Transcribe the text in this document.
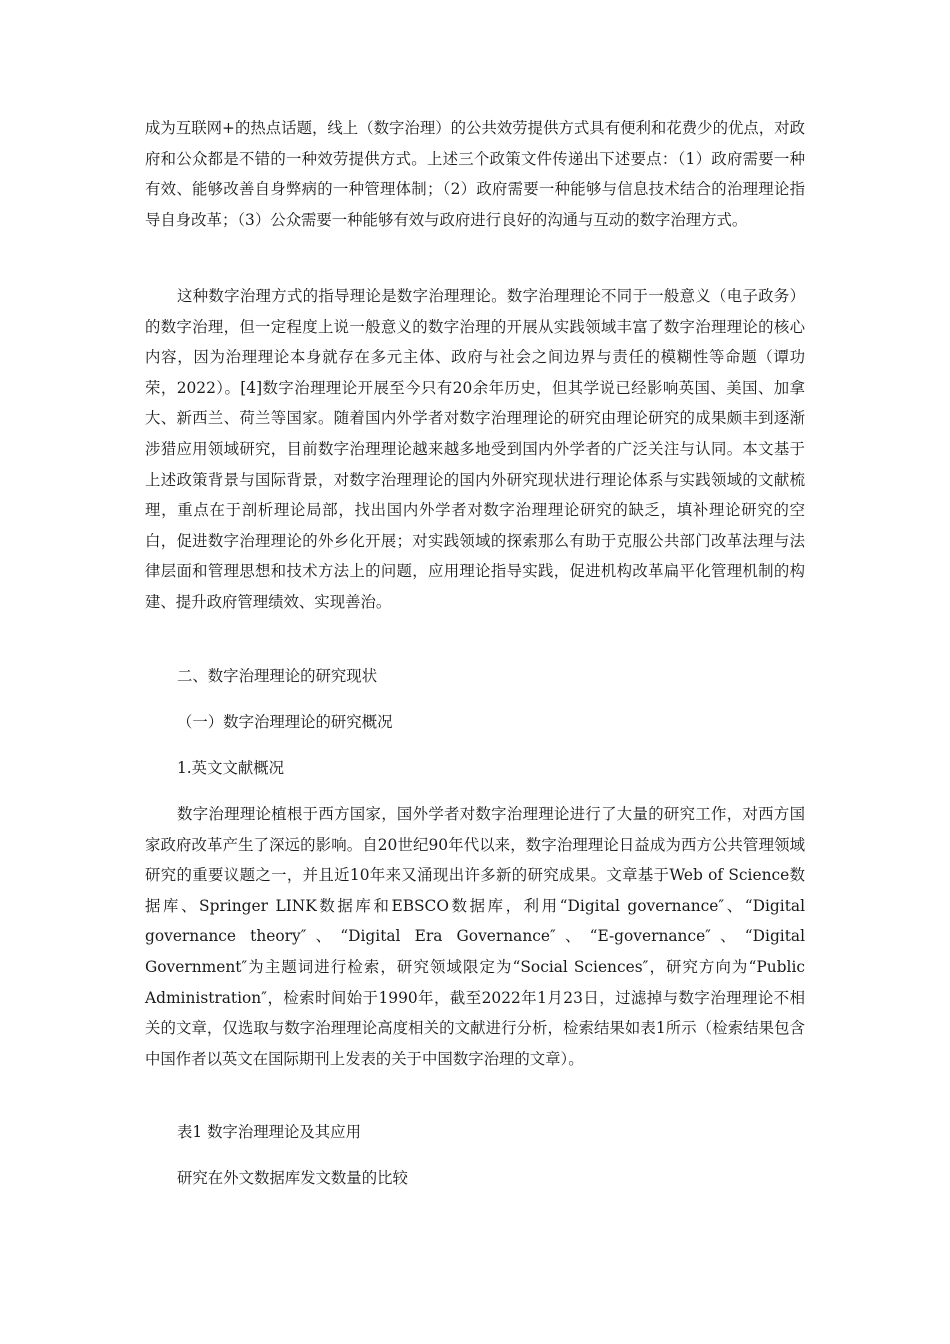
成为互联网+的热点话题，线上（数字治理）的公共效劳提供方式具有便利和花费少的优点，对政府和公众都是不错的一种效劳提供方式。上述三个政策文件传递出下述要点：（1）政府需要一种有效、能够改善自身弊病的一种管理体制；（2）政府需要一种能够与信息技术结合的治理理论指导自身改革；（3）公众需要一种能够有效与政府进行良好的沟通与互动的数字治理方式。

这种数字治理方式的指导理论是数字治理理论。数字治理理论不同于一般意义（电子政务）的数字治理，但一定程度上说一般意义的数字治理的开展从实践领域丰富了数字治理理论的核心内容，因为治理理论本身就存在多元主体、政府与社会之间边界与责任的模糊性等命题（谭功荣，2022）。[4]数字治理理论开展至今只有20余年历史，但其学说已经影响英国、美国、加拿大、新西兰、荷兰等国家。随着国内外学者对数字治理理论的研究由理论研究的成果颇丰到逐渐涉猎应用领域研究，目前数字治理理论越来越多地受到国内外学者的广泛关注与认同。本文基于上述政策背景与国际背景，对数字治理理论的国内外研究现状进行理论体系与实践领域的文献梳理，重点在于剖析理论局部，找出国内外学者对数字治理理论研究的缺乏，填补理论研究的空白，促进数字治理理论的外乡化开展；对实践领域的探索那么有助于克服公共部门改革法理与法律层面和管理思想和技术方法上的问题，应用理论指导实践，促进机构改革扁平化管理机制的构建、提升政府管理绩效、实现善治。

二、数字治理理论的研究现状

（一）数字治理理论的研究概况

1.英文文献概况

数字治理理论植根于西方国家，国外学者对数字治理理论进行了大量的研究工作，对西方国家政府改革产生了深远的影响。自20世纪90年代以来，数字治理理论日益成为西方公共管理领域研究的重要议题之一，并且近10年来又涌现出许多新的研究成果。文章基于Web of Science数据库、Springer LINK数据库和EBSCO数据库，利用“Digital governance″、“Digital governance theory″、“Digital Era Governance″、“E-governance″、“Digital Government″为主题词进行检索，研究领域限定为“Social Sciences″，研究方向为“Public Administration″，检索时间始于1990年，截至2022年1月23日，过滤掉与数字治理理论不相关的文章，仅选取与数字治理理论高度相关的文献进行分析，检索结果如表1所示（检索结果包含中国作者以英文在国际期刊上发表的关于中国数字治理的文章）。

表1 数字治理理论及其应用

研究在外文数据库发文数量的比较
